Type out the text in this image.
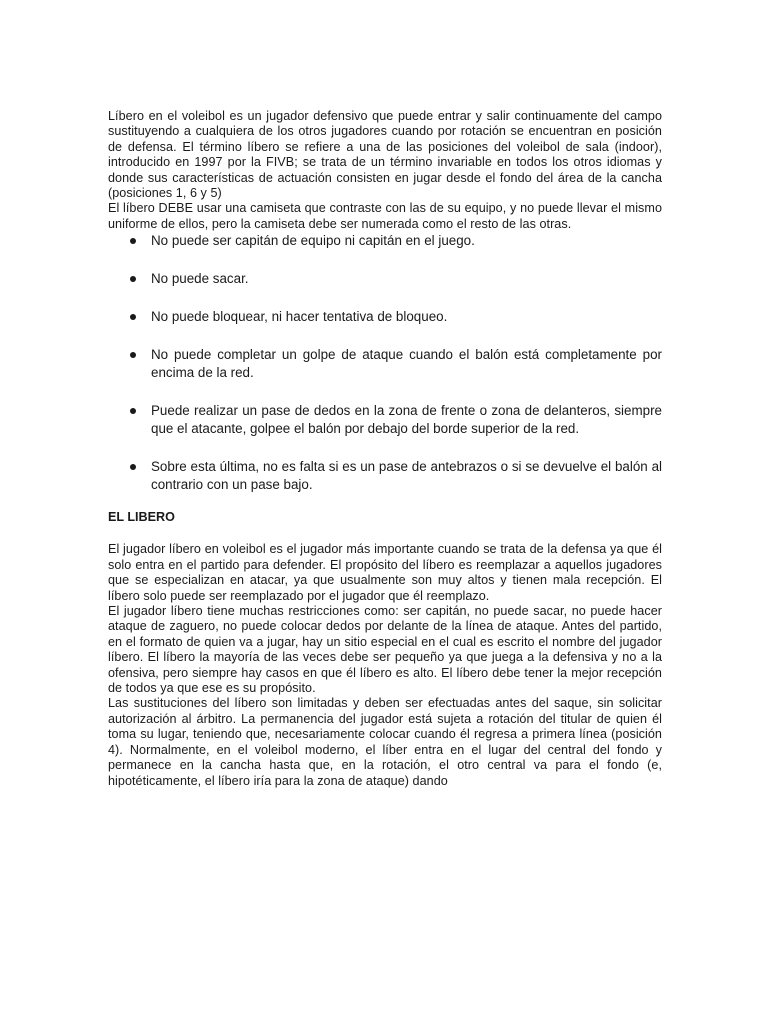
Líbero en el voleibol es un jugador defensivo que puede entrar y salir continuamente del campo sustituyendo a cualquiera de los otros jugadores cuando por rotación se encuentran en posición de defensa. El término líbero se refiere a una de las posiciones del voleibol de sala (indoor), introducido en 1997 por la FIVB; se trata de un término invariable en todos los otros idiomas y donde sus características de actuación consisten en jugar desde el fondo del área de la cancha (posiciones 1, 6 y 5)

El líbero DEBE usar una camiseta que contraste con las de su equipo, y no puede llevar el mismo uniforme de ellos, pero la camiseta debe ser numerada como el resto de las otras.

No puede ser capitán de equipo ni capitán en el juego.
No puede sacar.
No puede bloquear, ni hacer tentativa de bloqueo.
No puede completar un golpe de ataque cuando el balón está completamente por encima de la red.
Puede realizar un pase de dedos en la zona de frente o zona de delanteros, siempre que el atacante, golpee el balón por debajo del borde superior de la red.
Sobre esta última, no es falta si es un pase de antebrazos o si se devuelve el balón al contrario con un pase bajo.
EL LIBERO

El jugador líbero en voleibol es el jugador más importante cuando se trata de la defensa ya que él solo entra en el partido para defender. El propósito del líbero es reemplazar a aquellos jugadores que se especializan en atacar, ya que usualmente son muy altos y tienen mala recepción. El líbero solo puede ser reemplazado por el jugador que él reemplazo.

El jugador líbero tiene muchas restricciones como: ser capitán, no puede sacar, no puede hacer ataque de zaguero, no puede colocar dedos por delante de la línea de ataque. Antes del partido, en el formato de quien va a jugar, hay un sitio especial en el cual es escrito el nombre del jugador líbero. El líbero la mayoría de las veces debe ser pequeño ya que juega a la defensiva y no a la ofensiva, pero siempre hay casos en que él líbero es alto. El líbero debe tener la mejor recepción de todos ya que ese es su propósito.

Las sustituciones del líbero son limitadas y deben ser efectuadas antes del saque, sin solicitar autorización al árbitro. La permanencia del jugador está sujeta a rotación del titular de quien él toma su lugar, teniendo que, necesariamente colocar cuando él regresa a primera línea (posición 4). Normalmente, en el voleibol moderno, el líber entra en el lugar del central del fondo y permanece en la cancha hasta que, en la rotación, el otro central va para el fondo (e, hipotéticamente, el líbero iría para la zona de ataque) dando
